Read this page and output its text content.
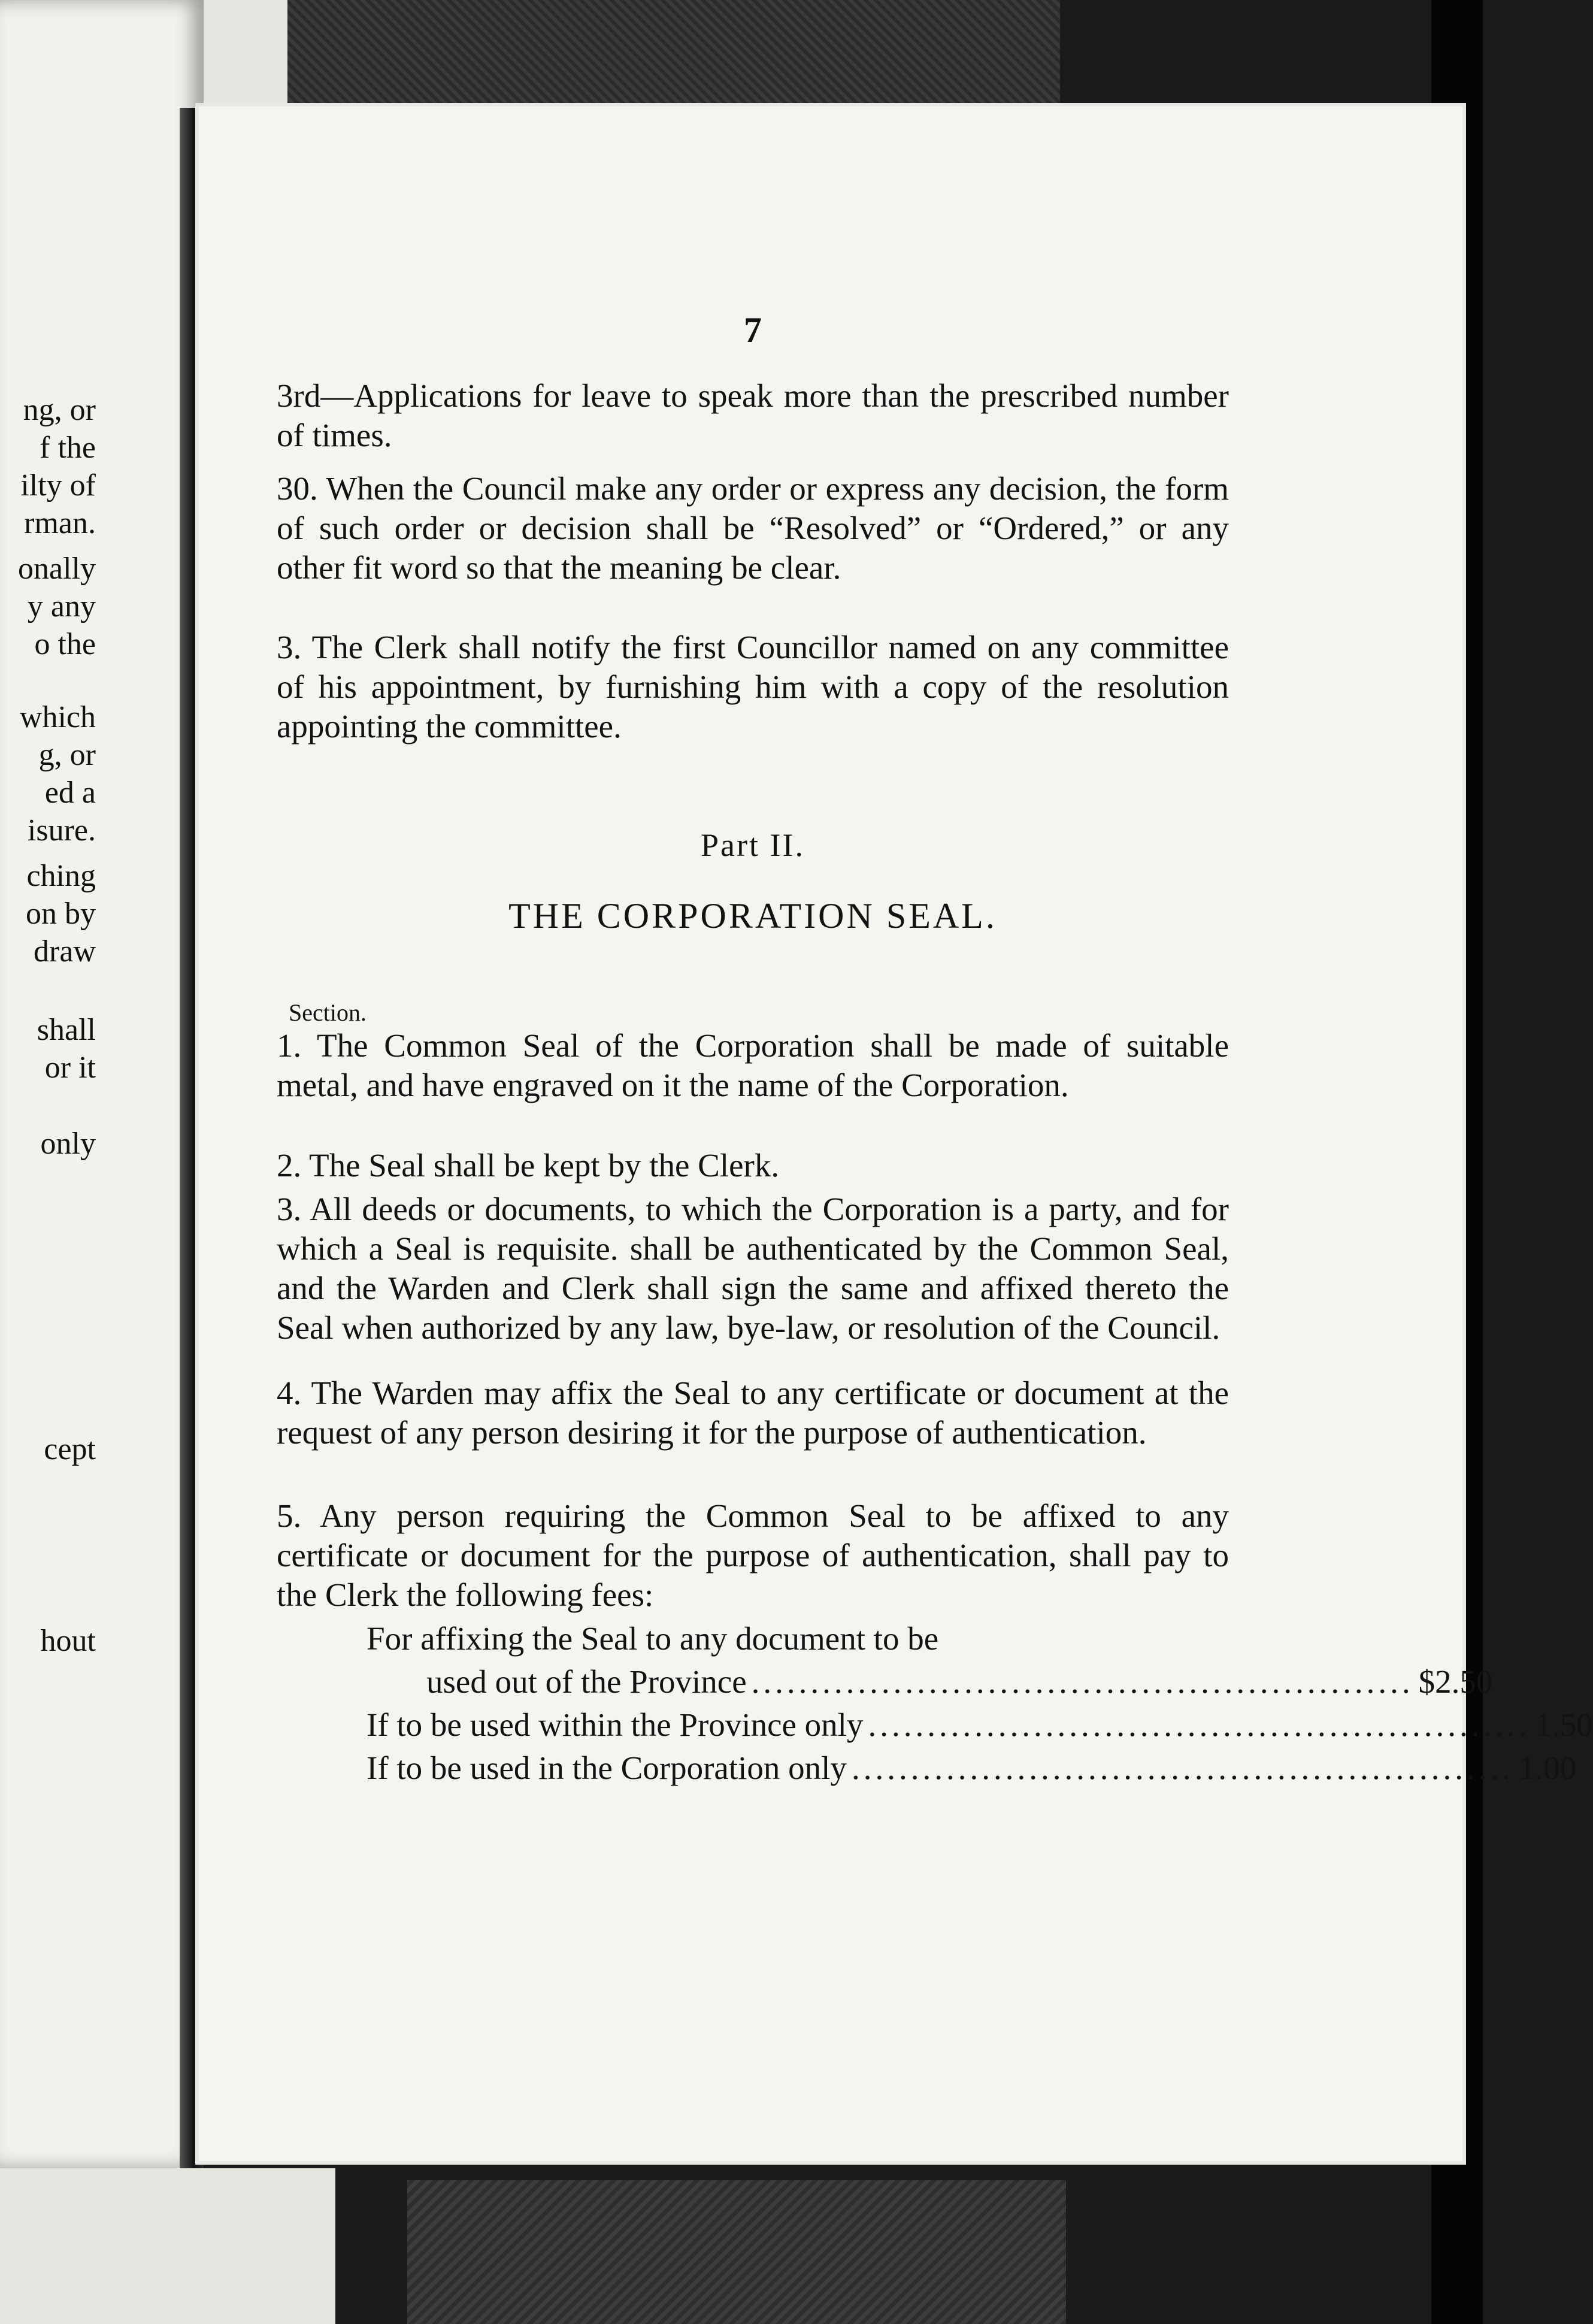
ng, or
f the
ilty of
rman.
onally
y any
o the
which
g, or
ed a
isure.
ching
on by
draw
shall
or it
only
cept
hout
7
3rd—Applications for leave to speak more than the prescribed number of times.
30. When the Council make any order or express any decision, the form of such order or decision shall be “Resolved” or “Ordered,” or any other fit word so that the meaning be clear.
3. The Clerk shall notify the first Councillor named on any committee of his appointment, by furnishing him with a copy of the resolution appointing the committee.
Part II.
THE CORPORATION SEAL.
Section.
1. The Common Seal of the Corporation shall be made of suitable metal, and have engraved on it the name of the Corporation.
2. The Seal shall be kept by the Clerk.
3. All deeds or documents, to which the Corporation is a party, and for which a Seal is requisite. shall be authenticated by the Common Seal, and the Warden and Clerk shall sign the same and affixed thereto the Seal when authorized by any law, bye-law, or resolution of the Council.
4. The Warden may affix the Seal to any certificate or document at the request of any person desiring it for the purpose of authentication.
5. Any person requiring the Common Seal to be affixed to any certificate or document for the purpose of authentication, shall pay to the Clerk the following fees:
For affixing the Seal to any document to be
used out of the Province ........................................................ $2.50
If to be used within the Province only ........................................................ 1.50
If to be used in the Corporation only ........................................................ 1.00
